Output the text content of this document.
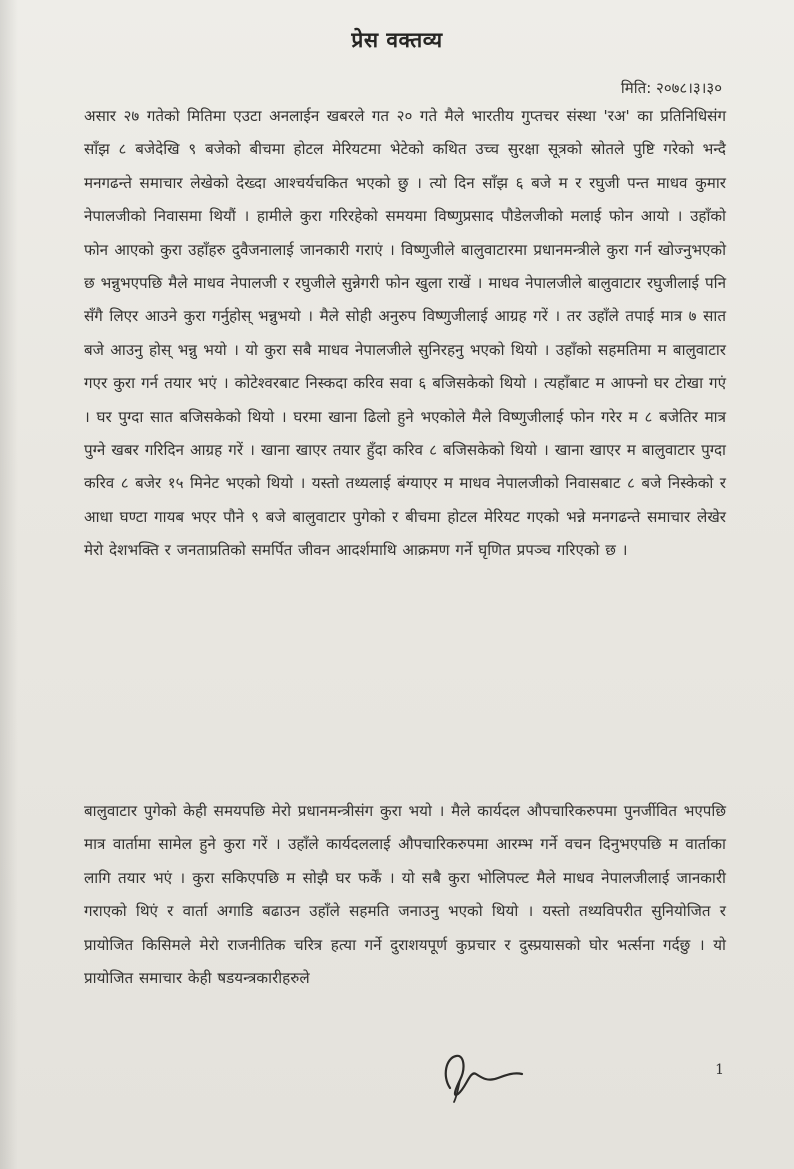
प्रेस वक्तव्य
मिति: २०७८।३।३०
असार २७ गतेको मितिमा एउटा अनलाईन खबरले गत २० गते मैले भारतीय गुप्तचर संस्था 'रअ' का प्रतिनिधिसंग साँझ ८ बजेदेखि ९ बजेको बीचमा होटल मेरियटमा भेटेको कथित उच्च सुरक्षा सूत्रको स्रोतले पुष्टि गरेको भन्दै मनगढन्ते समाचार लेखेको देख्दा आश्चर्यचकित भएको छु । त्यो दिन साँझ ६ बजे म र रघुजी पन्त माधव कुमार नेपालजीको निवासमा थियौं । हामीले कुरा गरिरहेको समयमा विष्णुप्रसाद पौडेलजीको मलाई फोन आयो । उहाँको फोन आएको कुरा उहाँहरु दुवैजनालाई जानकारी गराएं । विष्णुजीले बालुवाटारमा प्रधानमन्त्रीले कुरा गर्न खोज्नुभएको छ भन्नुभएपछि मैले माधव नेपालजी र रघुजीले सुन्नेगरी फोन खुला राखें । माधव नेपालजीले बालुवाटार रघुजीलाई पनि सँगै लिएर आउने कुरा गर्नुहोस् भन्नुभयो । मैले सोही अनुरुप विष्णुजीलाई आग्रह गरें । तर उहाँले तपाई मात्र ७ सात बजे आउनु होस् भन्नु भयो । यो कुरा सबै माधव नेपालजीले सुनिरहनु भएको थियो । उहाँको सहमतिमा म बालुवाटार गएर कुरा गर्न तयार भएं । कोटेश्वरबाट निस्कदा करिव सवा ६ बजिसकेको थियो । त्यहाँबाट म आफ्नो घर टोखा गएं । घर पुग्दा सात बजिसकेको थियो । घरमा खाना ढिलो हुने भएकोले मैले विष्णुजीलाई फोन गरेर म ८ बजेतिर मात्र पुग्ने खबर गरिदिन आग्रह गरें । खाना खाएर तयार हुँदा करिव ८ बजिसकेको थियो । खाना खाएर म बालुवाटार पुग्दा करिव ८ बजेर १५ मिनेट भएको थियो । यस्तो तथ्यलाई बंग्याएर म माधव नेपालजीको निवासबाट ८ बजे निस्केको र आधा घण्टा गायब भएर पौने ९ बजे बालुवाटार पुगेको र बीचमा होटल मेरियट गएको भन्ने मनगढन्ते समाचार लेखेर मेरो देशभक्ति र जनताप्रतिको समर्पित जीवन आदर्शमाथि आक्रमण गर्ने घृणित प्रपञ्च गरिएको छ ।
बालुवाटार पुगेको केही समयपछि मेरो प्रधानमन्त्रीसंग कुरा भयो । मैले कार्यदल औपचारिकरुपमा पुनर्जीवित भएपछि मात्र वार्तामा सामेल हुने कुरा गरें । उहाँले कार्यदललाई औपचारिकरुपमा आरम्भ गर्ने वचन दिनुभएपछि म वार्ताका लागि तयार भएं । कुरा सकिएपछि म सोझै घर फर्कें । यो सबै कुरा भोलिपल्ट मैले माधव नेपालजीलाई जानकारी गराएको थिएं र वार्ता अगाडि बढाउन उहाँले सहमति जनाउनु भएको थियो । यस्तो तथ्यविपरीत सुनियोजित र प्रायोजित किसिमले मेरो राजनीतिक चरित्र हत्या गर्ने दुराशयपूर्ण कुप्रचार र दुस्प्रयासको घोर भर्त्सना गर्दछु । यो प्रायोजित समाचार केही षडयन्त्रकारीहरुले
1
